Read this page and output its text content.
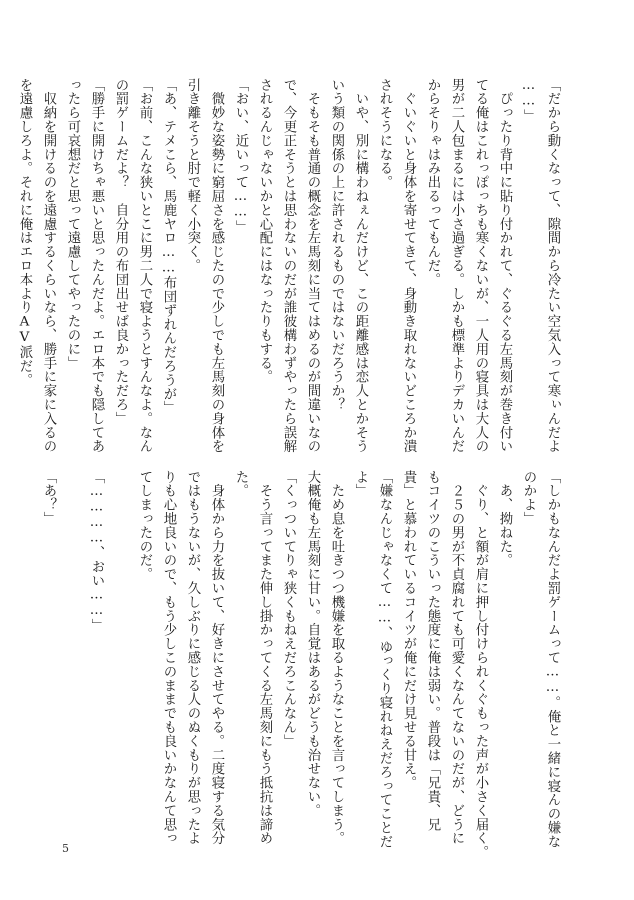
「だから動くなって、隙間から冷たい空気入って寒ぃんだよ
……」
　ぴったり背中に貼り付かれて、ぐるぐる左馬刻が巻き付い
てる俺はこれっぽっちも寒くないが、一人用の寝具は大人の
男が二人包まるには小さ過ぎる。しかも標準よりデカいんだ
からそりゃはみ出るってもんだ。
　ぐいぐいと身体を寄せてきて、身動き取れないどころか潰
されそうになる。
　いや、別に構わねぇんだけど、この距離感は恋人とかそう
いう類の関係の上に許されるものではないだろうか？
　そもそも普通の概念を左馬刻に当てはめるのが間違いなの
で、今更正そうとは思わないのだが誰彼構わずやったら誤解
されるんじゃないかと心配にはなったりもする。
「おい、近いって……」
　微妙な姿勢に窮屈さを感じたので少しでも左馬刻の身体を
引き離そうと肘で軽く小突く。
「あ、テメこら、馬鹿ヤロ……布団ずれんだろうが」
「お前、こんな狭いとこに男二人で寝ようとすんなよ。なん
の罰ゲームだよ？　自分用の布団出せば良かっただろ」
「勝手に開けちゃ悪いと思ったんだよ。エロ本でも隠してあ
ったら可哀想だと思って遠慮してやったのに」
　収納を開けるのを遠慮するくらいなら、勝手に家に入るの
を遠慮しろよ。それに俺はエロ本よりAV派だ。
「しかもなんだよ罰ゲームって……。俺と一緒に寝んの嫌な
のかよ」
　あ、拗ねた。
　ぐり、と額が肩に押し付けられくぐもった声が小さく届く。
　２５の男が不貞腐れても可愛くなんてないのだが、どうに
もコイツのこういった態度に俺は弱い。普段は「兄貴、兄
貴」と慕われているコイツが俺にだけ見せる甘え。
「嫌なんじゃなくて……、ゆっくり寝れねえだろってことだ
よ」
　ため息を吐きつつ機嫌を取るようなことを言ってしまう。
大概俺も左馬刻に甘い。自覚はあるがどうも治せない。
「くっついてりゃ狭くもねえだろこんなん」
　そう言ってまた伸し掛かってくる左馬刻にもう抵抗は諦め
た。
　身体から力を抜いて、好きにさせてやる。二度寝する気分
ではもうないが、久しぶりに感じる人のぬくもりが思ったよ
りも心地良いので、もう少しこのままでも良いかなんて思っ
てしまったのだ。

「…………、おい……」

「あ？」
5
